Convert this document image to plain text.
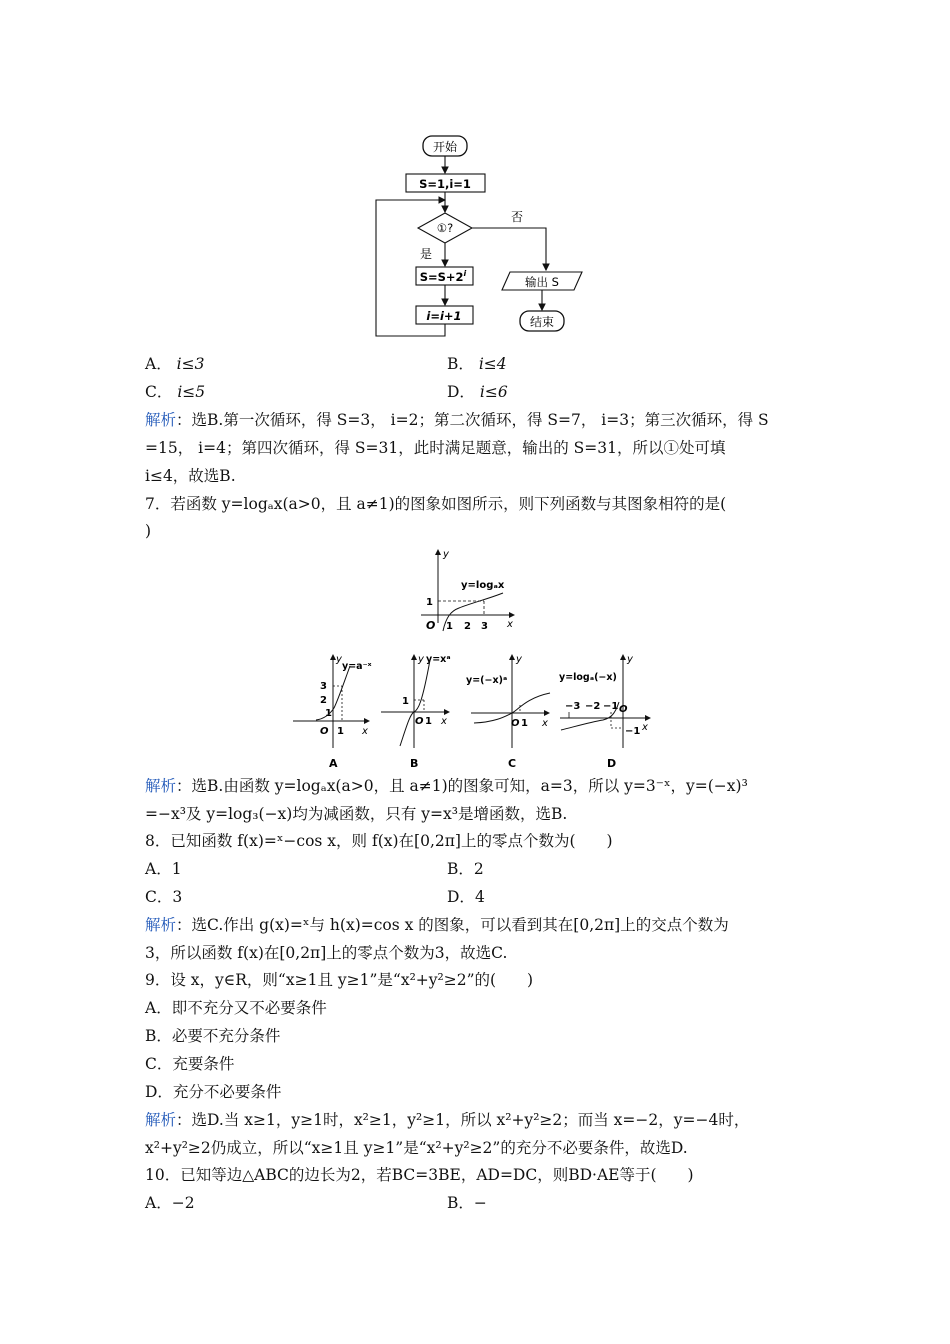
开始
S=1,i=1
①?
否
是
$S=S+2^i$
i=i+1
输出 S
结束
A． i≤3	B． i≤4
C． i≤5	D． i≤6
解析：选B.第一次循环，得 S=3， i=2；第二次循环，得 S=7， i=3；第三次循环，得 S
=15， i=4；第四次循环，得 S=31，此时满足题意，输出的 S=31，所以①处可填
i≤4，故选B.
7．若函数 y=logₐx(a>0，且 a≠1)的图象如图所示，则下列函数与其图象相符的是(
)
y
x
O
1
1 2 3
y=logₐx
y
x
y=a⁻ˣ
3
2
1
O 1
A
y
x
y=xᵃ
1
O 1
B
y
x
y=(−x)ᵃ
O 1
C
y
x
y=logₐ(−x)
−3 −2 −1 O
−1
D
解析：选B.由函数 y=logₐx(a>0，且 a≠1)的图象可知，a=3，所以 y=3⁻ˣ，y=(−x)³
=−x³及 y=log₃(−x)均为减函数，只有 y=x³是增函数，选B.
8．已知函数 f(x)=ˣ−cos x，则 f(x)在[0,2π]上的零点个数为(　　)
A．1	B．2
C．3	D．4
解析：选C.作出 g(x)=ˣ与 h(x)=cos x 的图象，可以看到其在[0,2π]上的交点个数为
3，所以函数 f(x)在[0,2π]上的零点个数为3，故选C.
9．设 x，y∈R，则“x≥1且 y≥1”是“x²+y²≥2”的(　　)
A．即不充分又不必要条件
B．必要不充分条件
C．充要条件
D．充分不必要条件
解析：选D.当 x≥1，y≥1时，x²≥1，y²≥1，所以 x²+y²≥2；而当 x=−2，y=−4时，
x²+y²≥2仍成立，所以“x≥1且 y≥1”是“x²+y²≥2”的充分不必要条件，故选D.
10．已知等边△ABC的边长为2，若BC=3BE，AD=DC，则BD·AE等于(　　)
A．−2	B．−
